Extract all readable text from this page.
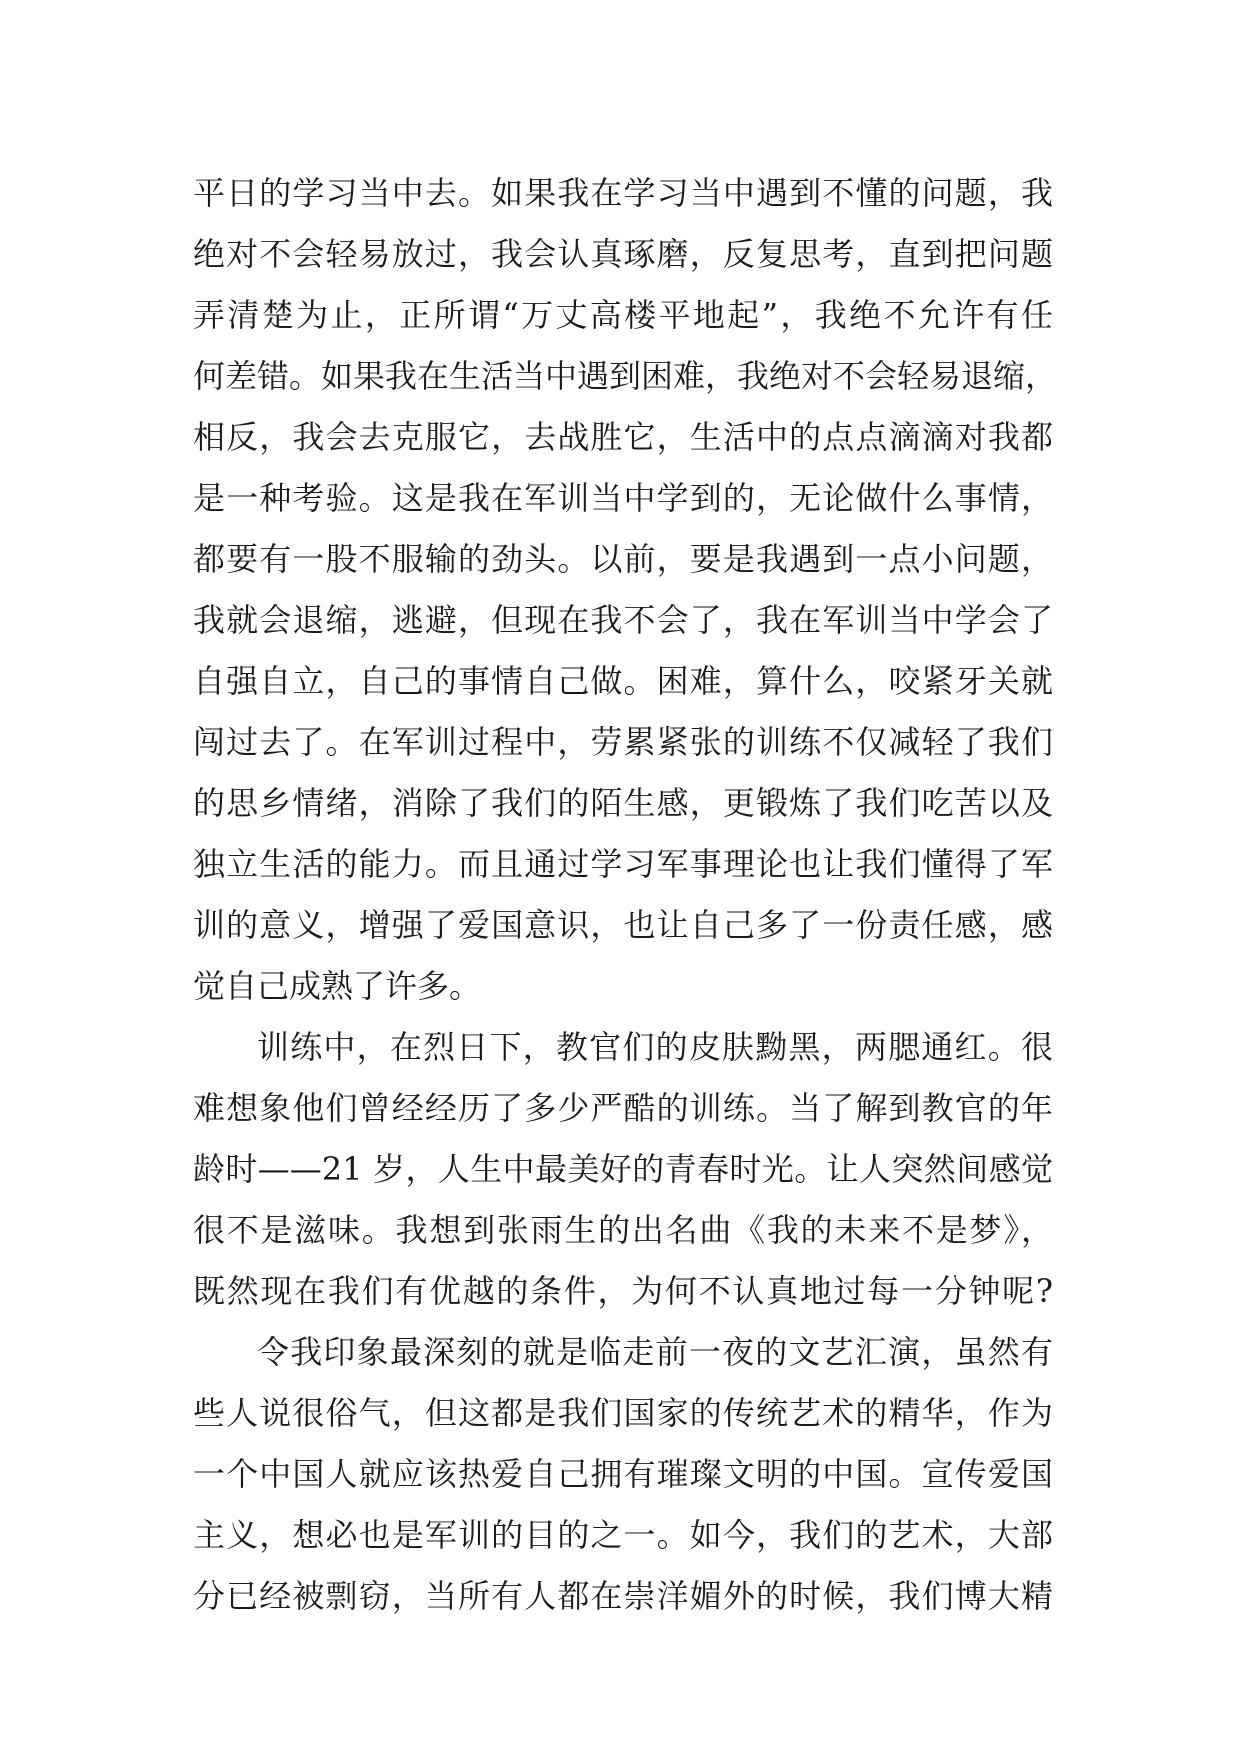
平日的学习当中去。如果我在学习当中遇到不懂的问题，我
绝对不会轻易放过，我会认真琢磨，反复思考，直到把问题
弄清楚为止，正所谓“万丈高楼平地起”，我绝不允许有任
何差错。如果我在生活当中遇到困难，我绝对不会轻易退缩，
相反，我会去克服它，去战胜它，生活中的点点滴滴对我都
是一种考验。这是我在军训当中学到的，无论做什么事情，
都要有一股不服输的劲头。以前，要是我遇到一点小问题，
我就会退缩，逃避，但现在我不会了，我在军训当中学会了
自强自立，自己的事情自己做。困难，算什么，咬紧牙关就
闯过去了。在军训过程中，劳累紧张的训练不仅减轻了我们
的思乡情绪，消除了我们的陌生感，更锻炼了我们吃苦以及
独立生活的能力。而且通过学习军事理论也让我们懂得了军
训的意义，增强了爱国意识，也让自己多了一份责任感，感
觉自己成熟了许多。
训练中，在烈日下，教官们的皮肤黝黑，两腮通红。很
难想象他们曾经经历了多少严酷的训练。当了解到教官的年
龄时——21 岁，人生中最美好的青春时光。让人突然间感觉
很不是滋味。我想到张雨生的出名曲《我的未来不是梦》，
既然现在我们有优越的条件，为何不认真地过每一分钟呢?
令我印象最深刻的就是临走前一夜的文艺汇演，虽然有
些人说很俗气，但这都是我们国家的传统艺术的精华，作为
一个中国人就应该热爱自己拥有璀璨文明的中国。宣传爱国
主义，想必也是军训的目的之一。如今，我们的艺术，大部
分已经被剽窃，当所有人都在崇洋媚外的时候，我们博大精
